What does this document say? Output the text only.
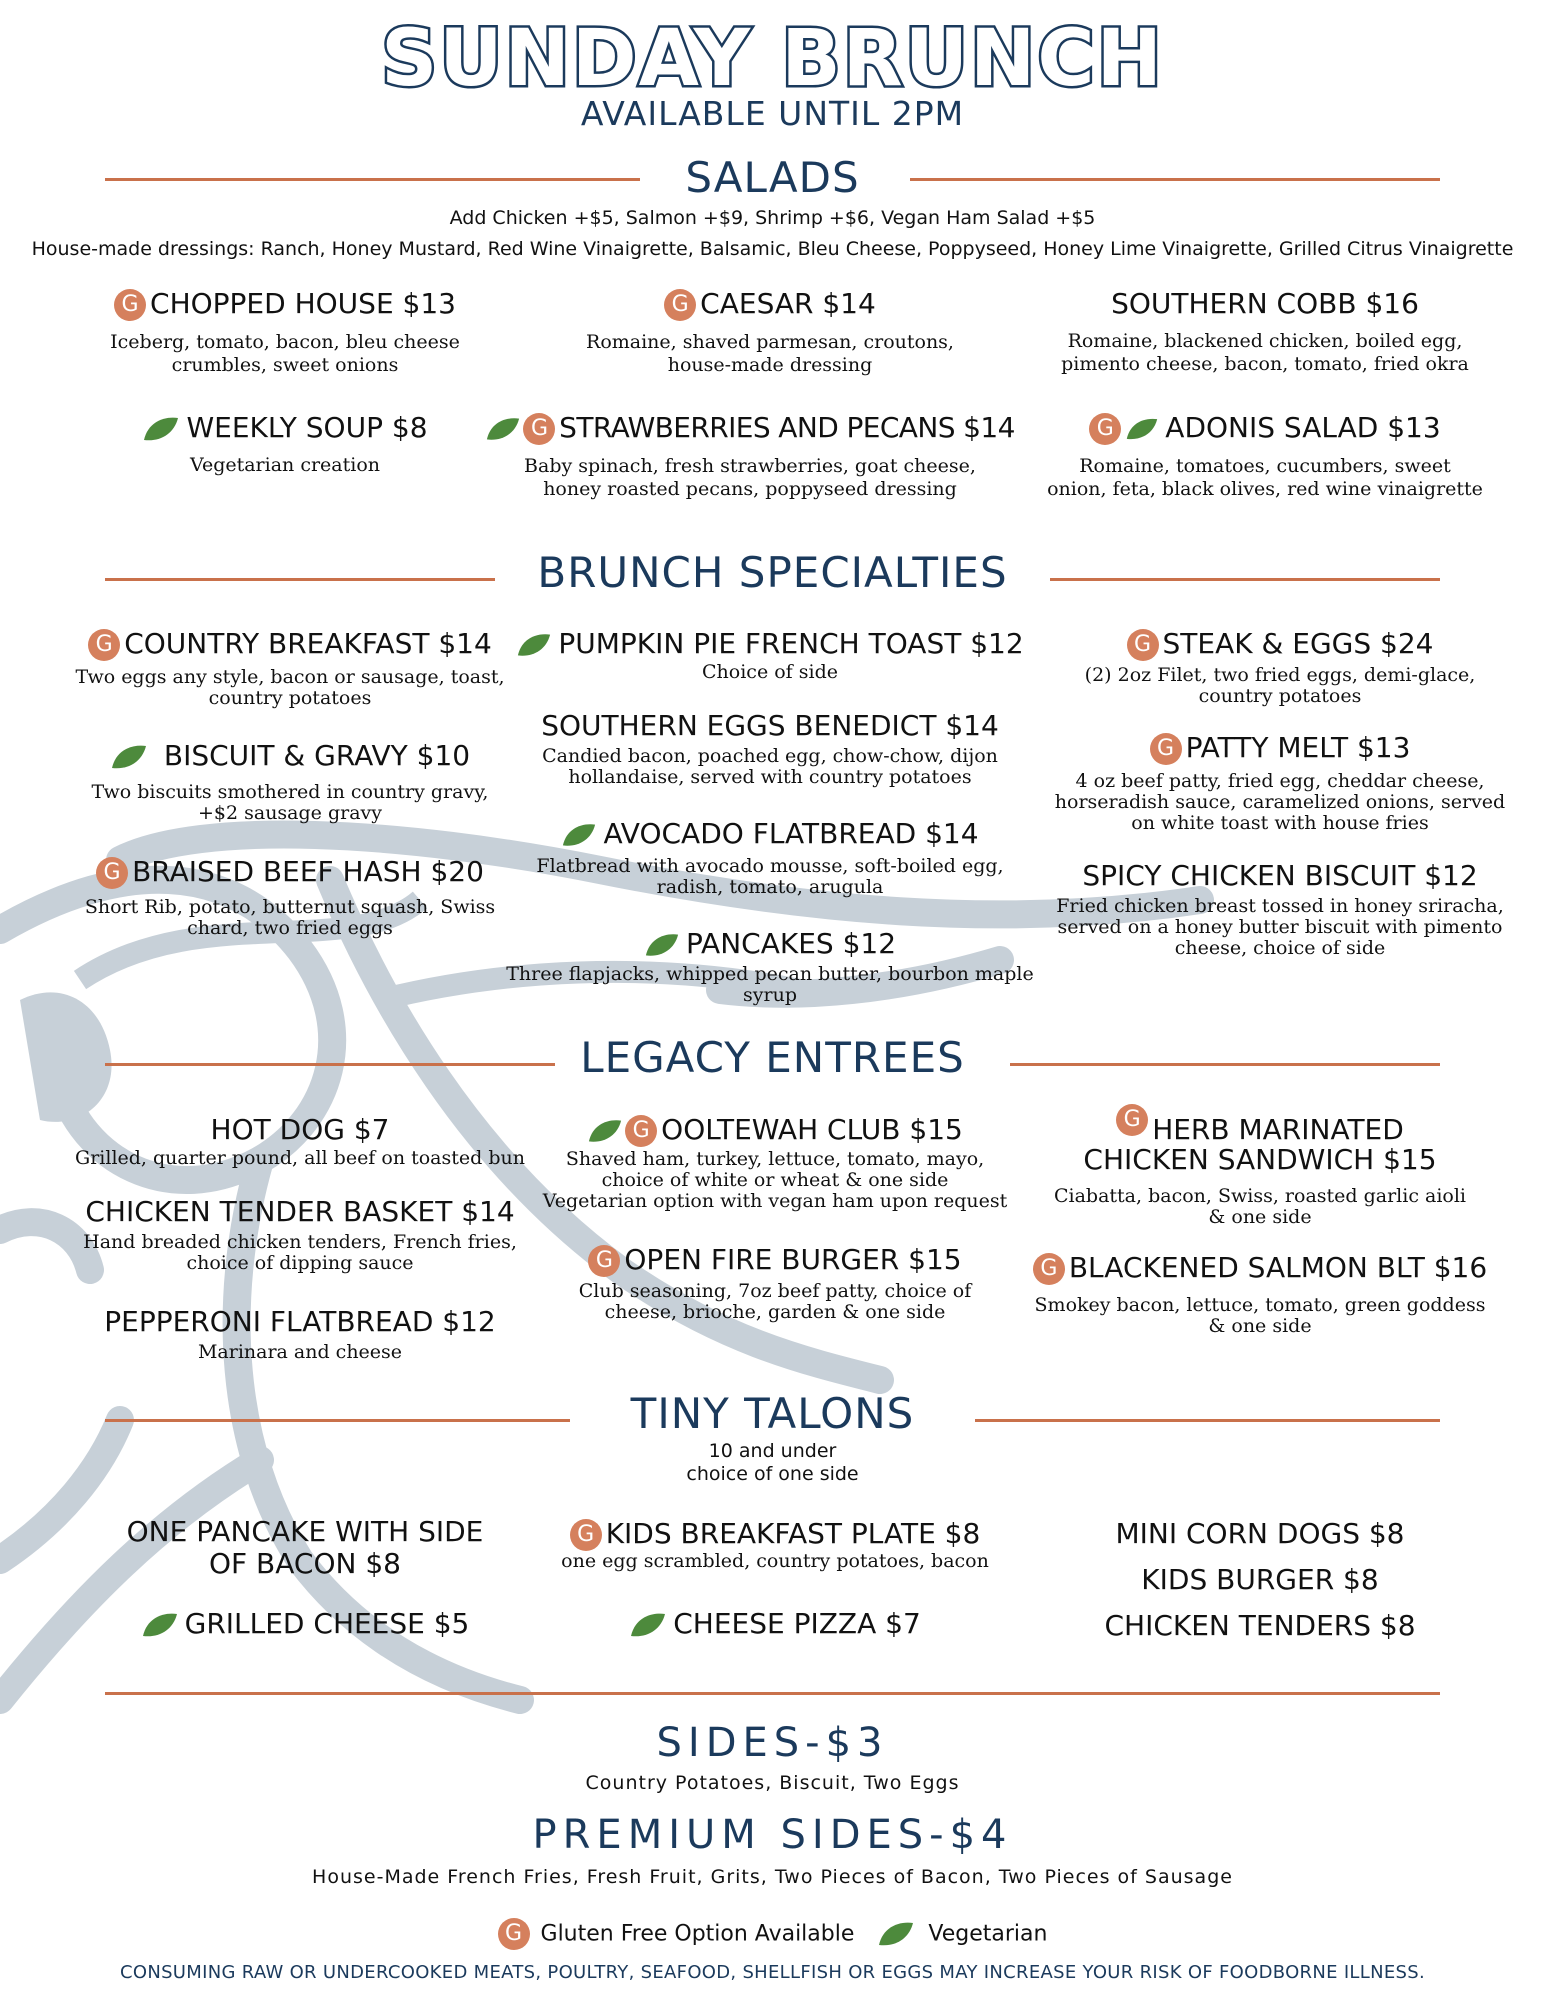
SUNDAY BRUNCH
AVAILABLE UNTIL 2PM
SALADS
Add Chicken +$5, Salmon +$9, Shrimp +$6, Vegan Ham Salad +$5
House-made dressings: Ranch, Honey Mustard, Red Wine Vinaigrette, Balsamic, Bleu Cheese, Poppyseed, Honey Lime Vinaigrette, Grilled Citrus Vinaigrette
G CHOPPED HOUSE $13
Iceberg, tomato, bacon, bleu cheese
crumbles, sweet onions
G CAESAR $14
Romaine, shaved parmesan, croutons,
house-made dressing
SOUTHERN COBB $16
Romaine, blackened chicken, boiled egg,
pimento cheese, bacon, tomato, fried okra
WEEKLY SOUP $8
Vegetarian creation
G STRAWBERRIES AND PECANS $14
Baby spinach, fresh strawberries, goat cheese,
honey roasted pecans, poppyseed dressing
G ADONIS SALAD $13
Romaine, tomatoes, cucumbers, sweet
onion, feta, black olives, red wine vinaigrette
BRUNCH SPECIALTIES
G COUNTRY BREAKFAST $14
Two eggs any style, bacon or sausage, toast,
country potatoes
BISCUIT & GRAVY $10
Two biscuits smothered in country gravy,
+$2 sausage gravy
G BRAISED BEEF HASH $20
Short Rib, potato, butternut squash, Swiss
chard, two fried eggs
PUMPKIN PIE FRENCH TOAST $12
Choice of side
SOUTHERN EGGS BENEDICT $14
Candied bacon, poached egg, chow-chow, dijon
hollandaise, served with country potatoes
AVOCADO FLATBREAD $14
Flatbread with avocado mousse, soft-boiled egg,
radish, tomato, arugula
PANCAKES $12
Three flapjacks, whipped pecan butter, bourbon maple syrup
G STEAK & EGGS $24
(2) 2oz Filet, two fried eggs, demi-glace,
country potatoes
G PATTY MELT $13
4 oz beef patty, fried egg, cheddar cheese,
horseradish sauce, caramelized onions, served
on white toast with house fries
SPICY CHICKEN BISCUIT $12
Fried chicken breast tossed in honey sriracha,
served on a honey butter biscuit with pimento
cheese, choice of side
LEGACY ENTREES
HOT DOG $7
Grilled, quarter pound, all beef on toasted bun
CHICKEN TENDER BASKET $14
Hand breaded chicken tenders, French fries,
choice of dipping sauce
PEPPERONI FLATBREAD $12
Marinara and cheese
G OOLTEWAH CLUB $15
Shaved ham, turkey, lettuce, tomato, mayo,
choice of white or wheat & one side
Vegetarian option with vegan ham upon request
G OPEN FIRE BURGER $15
Club seasoning, 7oz beef patty, choice of
cheese, brioche, garden & one side
G HERB MARINATED
CHICKEN SANDWICH $15
Ciabatta, bacon, Swiss, roasted garlic aioli
& one side
G BLACKENED SALMON BLT $16
Smokey bacon, lettuce, tomato, green goddess
& one side
TINY TALONS
10 and under
choice of one side
ONE PANCAKE WITH SIDE
OF BACON $8
GRILLED CHEESE $5
G KIDS BREAKFAST PLATE $8
one egg scrambled, country potatoes, bacon
CHEESE PIZZA $7
MINI CORN DOGS $8
KIDS BURGER $8
CHICKEN TENDERS $8
SIDES-$3
Country Potatoes, Biscuit, Two Eggs
PREMIUM SIDES-$4
House-Made French Fries, Fresh Fruit, Grits, Two Pieces of Bacon, Two Pieces of Sausage
G Gluten Free Option Available	Vegetarian
CONSUMING RAW OR UNDERCOOKED MEATS, POULTRY, SEAFOOD, SHELLFISH OR EGGS MAY INCREASE YOUR RISK OF FOODBORNE ILLNESS.
